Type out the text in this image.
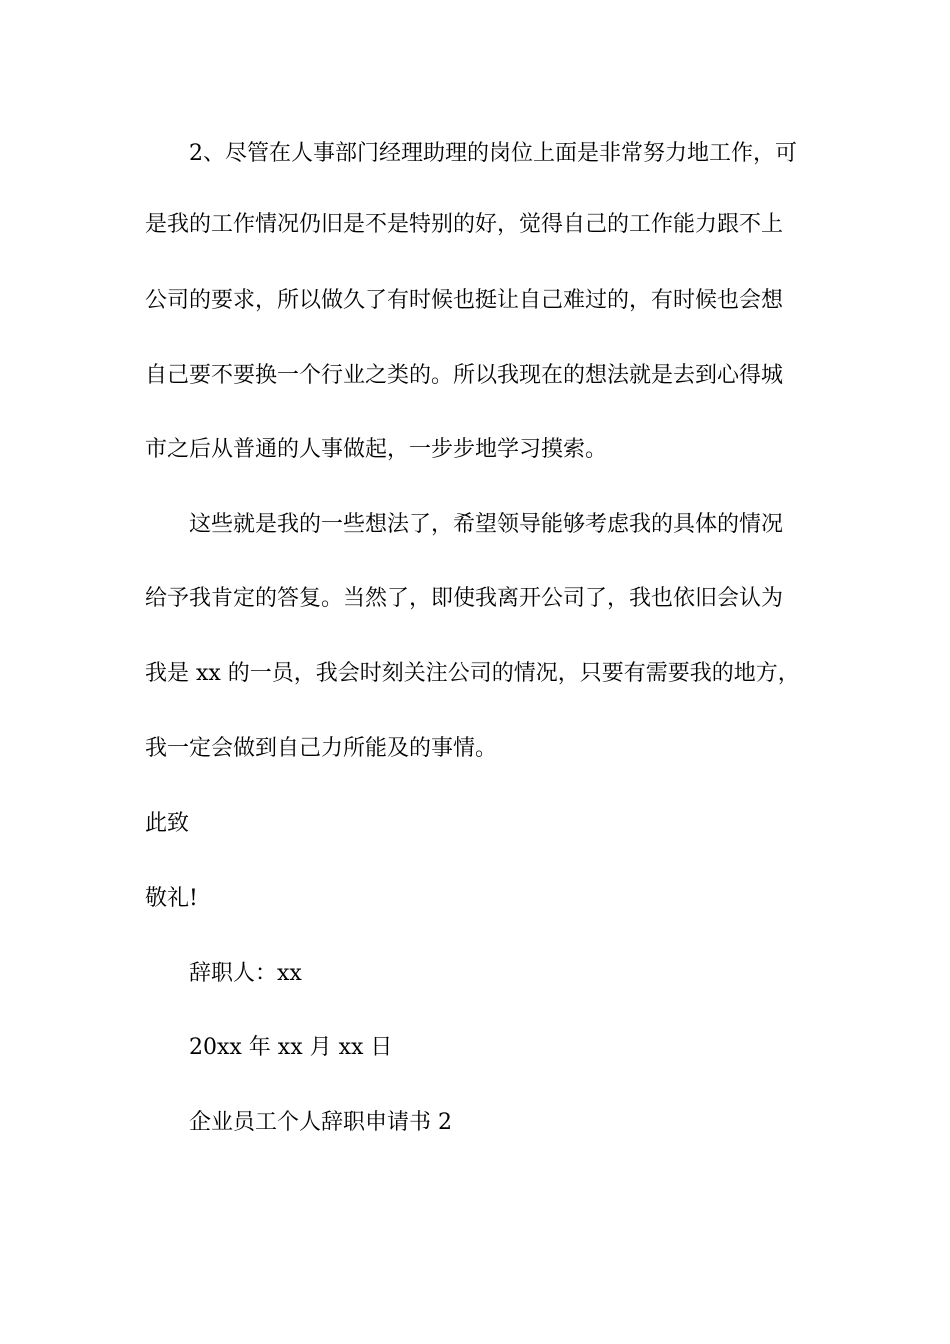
2、尽管在人事部门经理助理的岗位上面是非常努力地工作，可
是我的工作情况仍旧是不是特别的好，觉得自己的工作能力跟不上
公司的要求，所以做久了有时候也挺让自己难过的，有时候也会想
自己要不要换一个行业之类的。所以我现在的想法就是去到心得城
市之后从普通的人事做起，一步步地学习摸索。
这些就是我的一些想法了，希望领导能够考虑我的具体的情况
给予我肯定的答复。当然了，即使我离开公司了，我也依旧会认为
我是 xx 的一员，我会时刻关注公司的情况，只要有需要我的地方，
我一定会做到自己力所能及的事情。
此致
敬礼!
辞职人：xx
20xx 年 xx 月 xx 日
企业员工个人辞职申请书 2
